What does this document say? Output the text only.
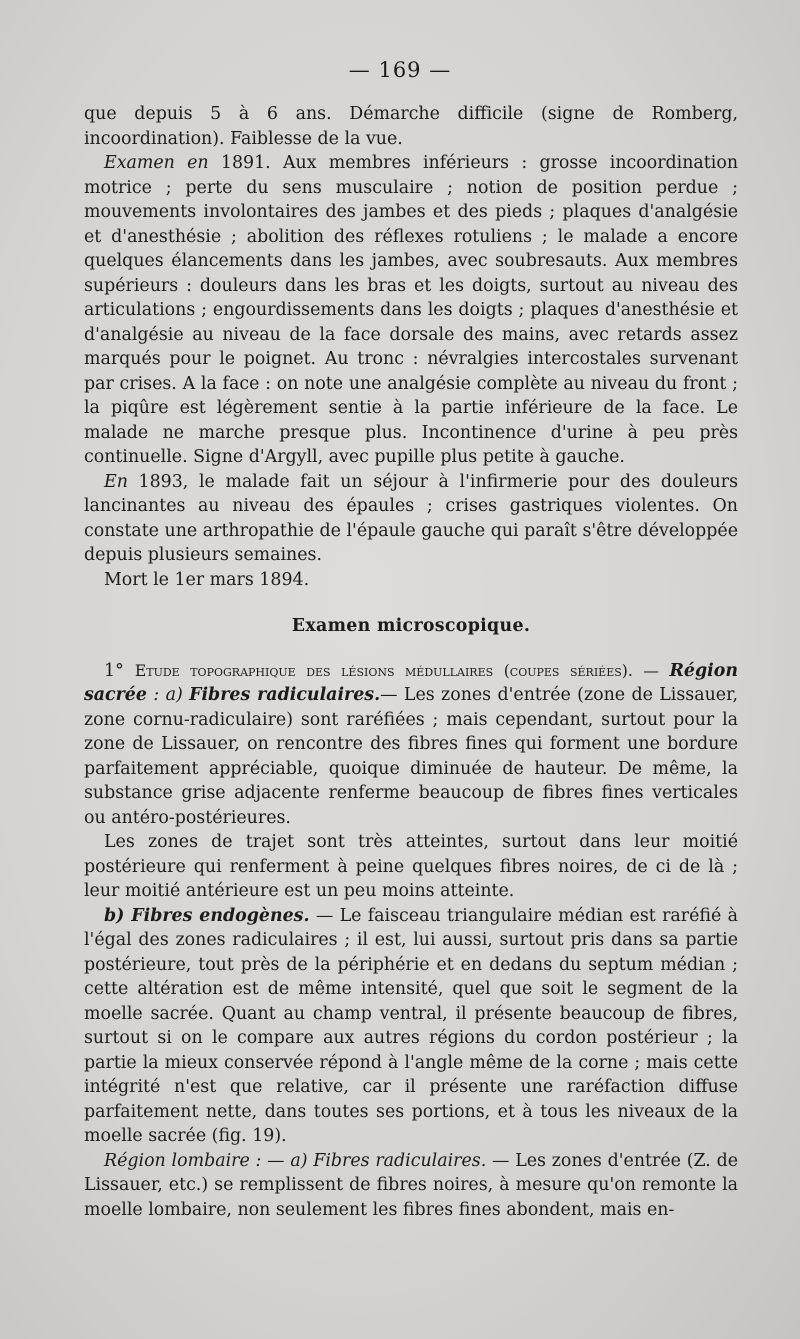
— 169 —

que depuis 5 à 6 ans. Démarche difficile (signe de Romberg, incoordination). Faiblesse de la vue.

Examen en 1891. Aux membres inférieurs : grosse incoordination motrice ; perte du sens musculaire ; notion de position perdue ; mouvements involontaires des jambes et des pieds ; plaques d'analgésie et d'anesthésie ; abolition des réflexes rotuliens ; le malade a encore quelques élancements dans les jambes, avec soubresauts. Aux membres supérieurs : douleurs dans les bras et les doigts, surtout au niveau des articulations ; engourdissements dans les doigts ; plaques d'anesthésie et d'analgésie au niveau de la face dorsale des mains, avec retards assez marqués pour le poignet. Au tronc : névralgies intercostales survenant par crises. A la face : on note une analgésie complète au niveau du front ; la piqûre est légèrement sentie à la partie inférieure de la face. Le malade ne marche presque plus. Incontinence d'urine à peu près continuelle. Signe d'Argyll, avec pupille plus petite à gauche.

En 1893, le malade fait un séjour à l'infirmerie pour des douleurs lancinantes au niveau des épaules ; crises gastriques violentes. On constate une arthropathie de l'épaule gauche qui paraît s'être développée depuis plusieurs semaines.

Mort le 1er mars 1894.

Examen microscopique.

1° Etude topographique des lésions médullaires (coupes sériées). — Région sacrée : a) Fibres radiculaires.— Les zones d'entrée (zone de Lissauer, zone cornu-radiculaire) sont raréfiées ; mais cependant, surtout pour la zone de Lissauer, on rencontre des fibres fines qui forment une bordure parfaitement appréciable, quoique diminuée de hauteur. De même, la substance grise adjacente renferme beaucoup de fibres fines verticales ou antéro-postérieures.

Les zones de trajet sont très atteintes, surtout dans leur moitié postérieure qui renferment à peine quelques fibres noires, de ci de là ; leur moitié antérieure est un peu moins atteinte.

b) Fibres endogènes. — Le faisceau triangulaire médian est raréfié à l'égal des zones radiculaires ; il est, lui aussi, surtout pris dans sa partie postérieure, tout près de la périphérie et en dedans du septum médian ; cette altération est de même intensité, quel que soit le segment de la moelle sacrée. Quant au champ ventral, il présente beaucoup de fibres, surtout si on le compare aux autres régions du cordon postérieur ; la partie la mieux conservée répond à l'angle même de la corne ; mais cette intégrité n'est que relative, car il présente une raréfaction diffuse parfaitement nette, dans toutes ses portions, et à tous les niveaux de la moelle sacrée (fig. 19).

Région lombaire : — a) Fibres radiculaires. — Les zones d'entrée (Z. de Lissauer, etc.) se remplissent de fibres noires, à mesure qu'on remonte la moelle lombaire, non seulement les fibres fines abondent, mais en-
